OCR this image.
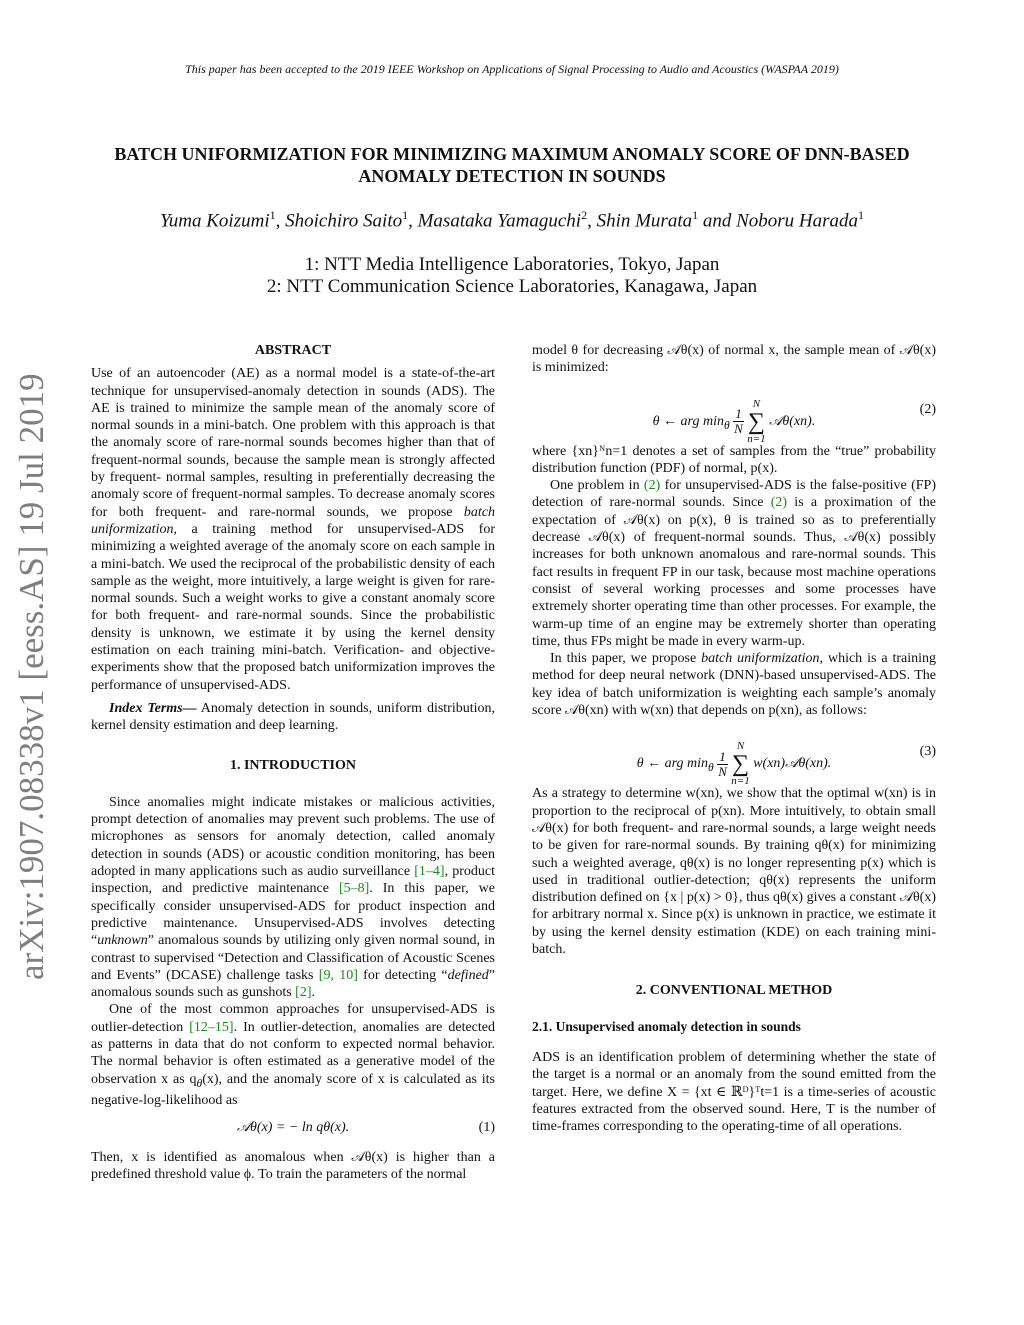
This paper has been accepted to the 2019 IEEE Workshop on Applications of Signal Processing to Audio and Acoustics (WASPAA 2019)
BATCH UNIFORMIZATION FOR MINIMIZING MAXIMUM ANOMALY SCORE OF DNN-BASED ANOMALY DETECTION IN SOUNDS
Yuma Koizumi$^1$, Shoichiro Saito$^1$, Masataka Yamaguchi$^2$, Shin Murata$^1$ and Noboru Harada$^1$
1: NTT Media Intelligence Laboratories, Tokyo, Japan
2: NTT Communication Science Laboratories, Kanagawa, Japan
arXiv:1907.08338v1 [eess.AS] 19 Jul 2019

ABSTRACT

Use of an autoencoder (AE) as a normal model is a state-of-the-art technique for unsupervised-anomaly detection in sounds (ADS). The AE is trained to minimize the sample mean of the anomaly score of normal sounds in a mini-batch. One problem with this approach is that the anomaly score of rare-normal sounds becomes higher than that of frequent-normal sounds, because the sample mean is strongly affected by frequent- normal samples, resulting in preferentially decreasing the anomaly score of frequent-normal samples. To decrease anomaly scores for both frequent- and rare-normal sounds, we propose batch uniformization, a training method for unsupervised-ADS for minimizing a weighted average of the anomaly score on each sample in a mini-batch. We used the reciprocal of the probabilistic density of each sample as the weight, more intuitively, a large weight is given for rare-normal sounds. Such a weight works to give a constant anomaly score for both frequent- and rare-normal sounds. Since the probabilistic density is unknown, we estimate it by using the kernel density estimation on each training mini-batch. Verification- and objective-experiments show that the proposed batch uniformization improves the performance of unsupervised-ADS.

Index Terms— Anomaly detection in sounds, uniform distribution, kernel density estimation and deep learning.

1. INTRODUCTION

Since anomalies might indicate mistakes or malicious activities, prompt detection of anomalies may prevent such problems. The use of microphones as sensors for anomaly detection, called anomaly detection in sounds (ADS) or acoustic condition monitoring, has been adopted in many applications such as audio surveillance [1–4], product inspection, and predictive maintenance [5–8]. In this paper, we specifically consider unsupervised-ADS for product inspection and predictive maintenance. Unsupervised-ADS involves detecting “unknown” anomalous sounds by utilizing only given normal sound, in contrast to supervised “Detection and Classification of Acoustic Scenes and Events” (DCASE) challenge tasks [9, 10] for detecting “defined” anomalous sounds such as gunshots [2].

One of the most common approaches for unsupervised-ADS is outlier-detection [12–15]. In outlier-detection, anomalies are detected as patterns in data that do not conform to expected normal behavior. The normal behavior is often estimated as a generative model of the observation x as $q_\theta(x)$, and the anomaly score of x is calculated as its negative-log-likelihood as

𝒜θ(x) = − ln qθ(x).	(1)

Then, x is identified as anomalous when 𝒜θ(x) is higher than a predefined threshold value ϕ. To train the parameters of the normal

model θ for decreasing 𝒜θ(x) of normal x, the sample mean of 𝒜θ(x) is minimized:

θ ← arg $\min_\theta \frac{1}{N}$
N
∑
n=1
𝒜θ(xn).
(2)

where {xn}ᴺn=1 denotes a set of samples from the “true” probability distribution function (PDF) of normal, p(x).

One problem in (2) for unsupervised-ADS is the false-positive (FP) detection of rare-normal sounds. Since (2) is a proximation of the expectation of 𝒜θ(x) on p(x), θ is trained so as to preferentially decrease 𝒜θ(x) of frequent-normal sounds. Thus, 𝒜θ(x) possibly increases for both unknown anomalous and rare-normal sounds. This fact results in frequent FP in our task, because most machine operations consist of several working processes and some processes have extremely shorter operating time than other processes. For example, the warm-up time of an engine may be extremely shorter than operating time, thus FPs might be made in every warm-up.

In this paper, we propose batch uniformization, which is a training method for deep neural network (DNN)-based unsupervised-ADS. The key idea of batch uniformization is weighting each sample’s anomaly score 𝒜θ(xn) with w(xn) that depends on p(xn), as follows:

θ ← arg $\min_\theta \frac{1}{N}$
N
∑
n=1
w(xn)𝒜θ(xn).
(3)

As a strategy to determine w(xn), we show that the optimal w(xn) is in proportion to the reciprocal of p(xn). More intuitively, to obtain small 𝒜θ(x) for both frequent- and rare-normal sounds, a large weight needs to be given for rare-normal sounds. By training qθ(x) for minimizing such a weighted average, qθ(x) is no longer representing p(x) which is used in traditional outlier-detection; qθ(x) represents the uniform distribution defined on {x | p(x) > 0}, thus qθ(x) gives a constant 𝒜θ(x) for arbitrary normal x. Since p(x) is unknown in practice, we estimate it by using the kernel density estimation (KDE) on each training mini-batch.

2. CONVENTIONAL METHOD

2.1. Unsupervised anomaly detection in sounds

ADS is an identification problem of determining whether the state of the target is a normal or an anomaly from the sound emitted from the target. Here, we define X = {xt ∈ ℝᴰ}ᵀt=1 is a time-series of acoustic features extracted from the observed sound. Here, T is the number of time-frames corresponding to the operating-time of all operations.
